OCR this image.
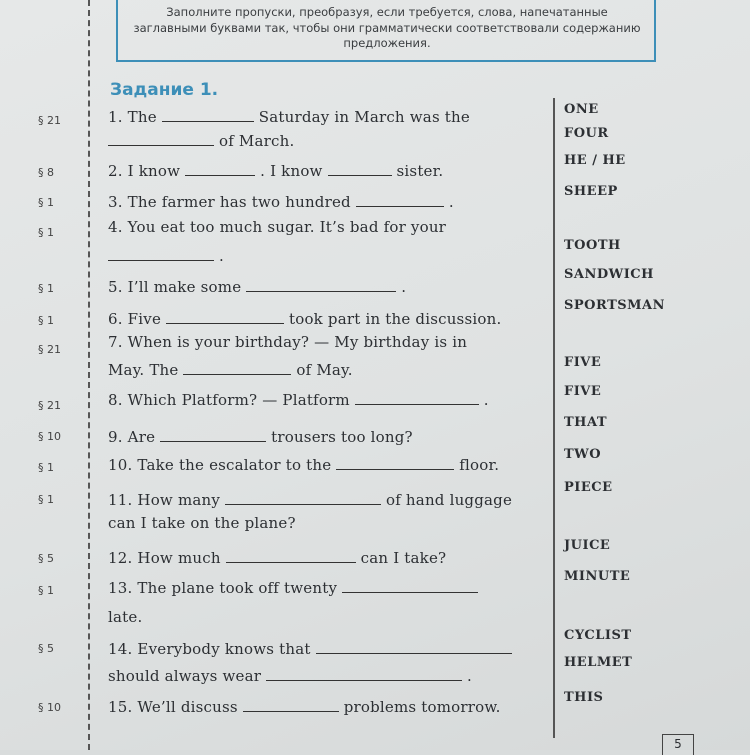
Заполните пропуски, преобразуя, если требуется, слова, напечатанные заглавными буквами так, чтобы они грамматически соответствовали содержанию предложения.
Задание 1.
§ 21
§ 8
§ 1
§ 1
§ 1
§ 1
§ 21
§ 21
§ 10
§ 1
§ 1
§ 5
§ 1
§ 5
§ 10
1. The	Saturday in March was the
of March.
2. I know	. I know	sister.
3. The farmer has two hundred	.
4. You eat too much sugar. It’s bad for your
.
5. I’ll make some	.
6. Five	took part in the discussion.
7. When is your birthday? — My birthday is in
May. The	of May.
8. Which Platform? — Platform	.
9. Are	trousers too long?
10. Take the escalator to the	floor.
11. How many	of hand luggage
can I take on the plane?
12. How much	can I take?
13. The plane took off twenty
late.
14. Everybody knows that
should always wear	.
15. We’ll discuss	problems tomorrow.
ONE
FOUR
HE / HE
SHEEP
TOOTH
SANDWICH
SPORTSMAN
FIVE
FIVE
THAT
TWO
PIECE
JUICE
MINUTE
CYCLIST
HELMET
THIS
5
